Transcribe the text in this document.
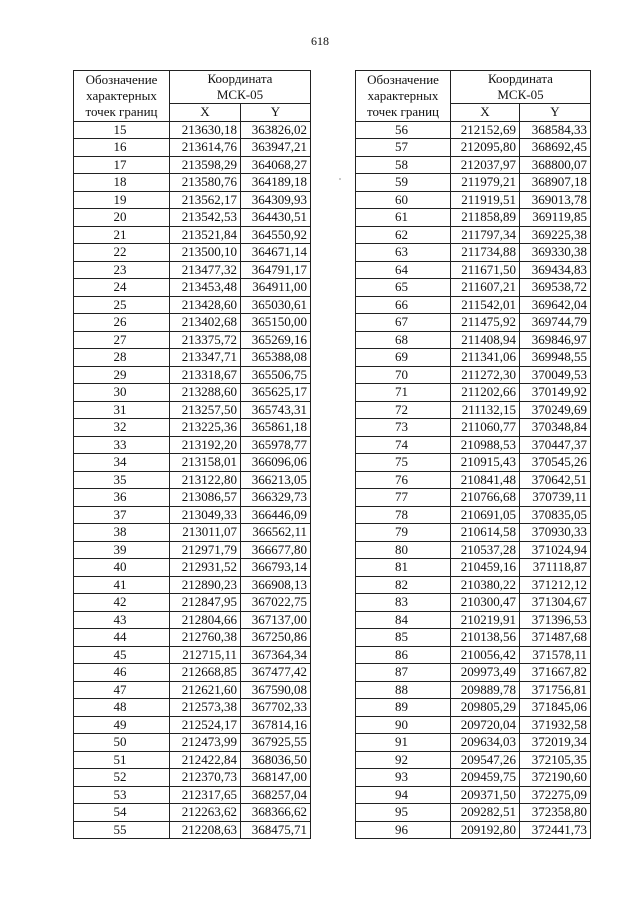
618
Обозначение
характерных
точек границ	Координата
МСК-05	
	X	Y
15	213630,18	363826,02
16	213614,76	363947,21
17	213598,29	364068,27
18	213580,76	364189,18
19	213562,17	364309,93
20	213542,53	364430,51
21	213521,84	364550,92
22	213500,10	364671,14
23	213477,32	364791,17
24	213453,48	364911,00
25	213428,60	365030,61
26	213402,68	365150,00
27	213375,72	365269,16
28	213347,71	365388,08
29	213318,67	365506,75
30	213288,60	365625,17
31	213257,50	365743,31
32	213225,36	365861,18
33	213192,20	365978,77
34	213158,01	366096,06
35	213122,80	366213,05
36	213086,57	366329,73
37	213049,33	366446,09
38	213011,07	366562,11
39	212971,79	366677,80
40	212931,52	366793,14
41	212890,23	366908,13
42	212847,95	367022,75
43	212804,66	367137,00
44	212760,38	367250,86
45	212715,11	367364,34
46	212668,85	367477,42
47	212621,60	367590,08
48	212573,38	367702,33
49	212524,17	367814,16
50	212473,99	367925,55
51	212422,84	368036,50
52	212370,73	368147,00
53	212317,65	368257,04
54	212263,62	368366,62
55	212208,63	368475,71
Обозначение
характерных
точек границ	Координата
МСК-05	
	X	Y
56	212152,69	368584,33
57	212095,80	368692,45
58	212037,97	368800,07
59	211979,21	368907,18
60	211919,51	369013,78
61	211858,89	369119,85
62	211797,34	369225,38
63	211734,88	369330,38
64	211671,50	369434,83
65	211607,21	369538,72
66	211542,01	369642,04
67	211475,92	369744,79
68	211408,94	369846,97
69	211341,06	369948,55
70	211272,30	370049,53
71	211202,66	370149,92
72	211132,15	370249,69
73	211060,77	370348,84
74	210988,53	370447,37
75	210915,43	370545,26
76	210841,48	370642,51
77	210766,68	370739,11
78	210691,05	370835,05
79	210614,58	370930,33
80	210537,28	371024,94
81	210459,16	371118,87
82	210380,22	371212,12
83	210300,47	371304,67
84	210219,91	371396,53
85	210138,56	371487,68
86	210056,42	371578,11
87	209973,49	371667,82
88	209889,78	371756,81
89	209805,29	371845,06
90	209720,04	371932,58
91	209634,03	372019,34
92	209547,26	372105,35
93	209459,75	372190,60
94	209371,50	372275,09
95	209282,51	372358,80
96	209192,80	372441,73
